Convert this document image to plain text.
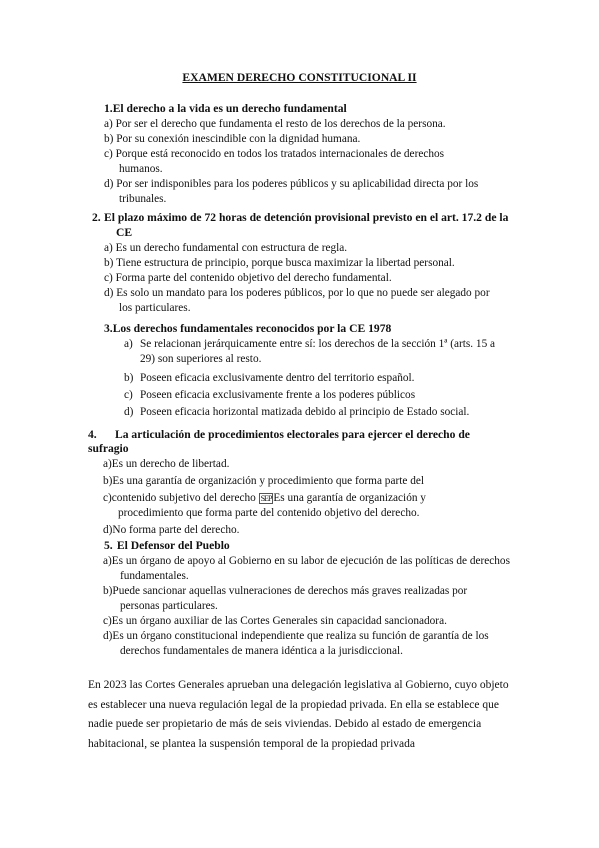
EXAMEN DERECHO CONSTITUCIONAL II
1.El derecho a la vida es un derecho fundamental

a) Por ser el derecho que fundamenta el resto de los derechos de la persona.

b) Por su conexión inescindible con la dignidad humana.

c) Porque está reconocido en todos los tratados internacionales de derechos humanos.

d) Por ser indisponibles para los poderes públicos y su aplicabilidad directa por los tribunales.

2. El plazo máximo de 72 horas de detención provisional previsto en el art. 17.2 de la CE

a) Es un derecho fundamental con estructura de regla.

b) Tiene estructura de principio, porque busca maximizar la libertad personal.

c) Forma parte del contenido objetivo del derecho fundamental.

d) Es solo un mandato para los poderes públicos, por lo que no puede ser alegado por los particulares.

3.Los derechos fundamentales reconocidos por la CE 1978

a) Se relacionan jerárquicamente entre sí: los derechos de la sección 1ª (arts. 15 a 29) son superiores al resto.

b) Poseen eficacia exclusivamente dentro del territorio español.

c) Poseen eficacia exclusivamente frente a los poderes públicos

d) Poseen eficacia horizontal matizada debido al principio de Estado social.

4. La articulación de procedimientos electorales para ejercer el derecho de sufragio

a)Es un derecho de libertad.

b)Es una garantía de organización y procedimiento que forma parte del

c)contenido subjetivo del derecho SEP Es una garantía de organización y procedimiento que forma parte del contenido objetivo del derecho.

d)No forma parte del derecho.

5. El Defensor del Pueblo

a)Es un órgano de apoyo al Gobierno en su labor de ejecución de las políticas de derechos fundamentales.

b)Puede sancionar aquellas vulneraciones de derechos más graves realizadas por personas particulares.

c)Es un órgano auxiliar de las Cortes Generales sin capacidad sancionadora.

d)Es un órgano constitucional independiente que realiza su función de garantía de los derechos fundamentales de manera idéntica a la jurisdiccional.

En 2023 las Cortes Generales aprueban una delegación legislativa al Gobierno, cuyo objeto es establecer una nueva regulación legal de la propiedad privada. En ella se establece que nadie puede ser propietario de más de seis viviendas. Debido al estado de emergencia habitacional, se plantea la suspensión temporal de la propiedad privada
